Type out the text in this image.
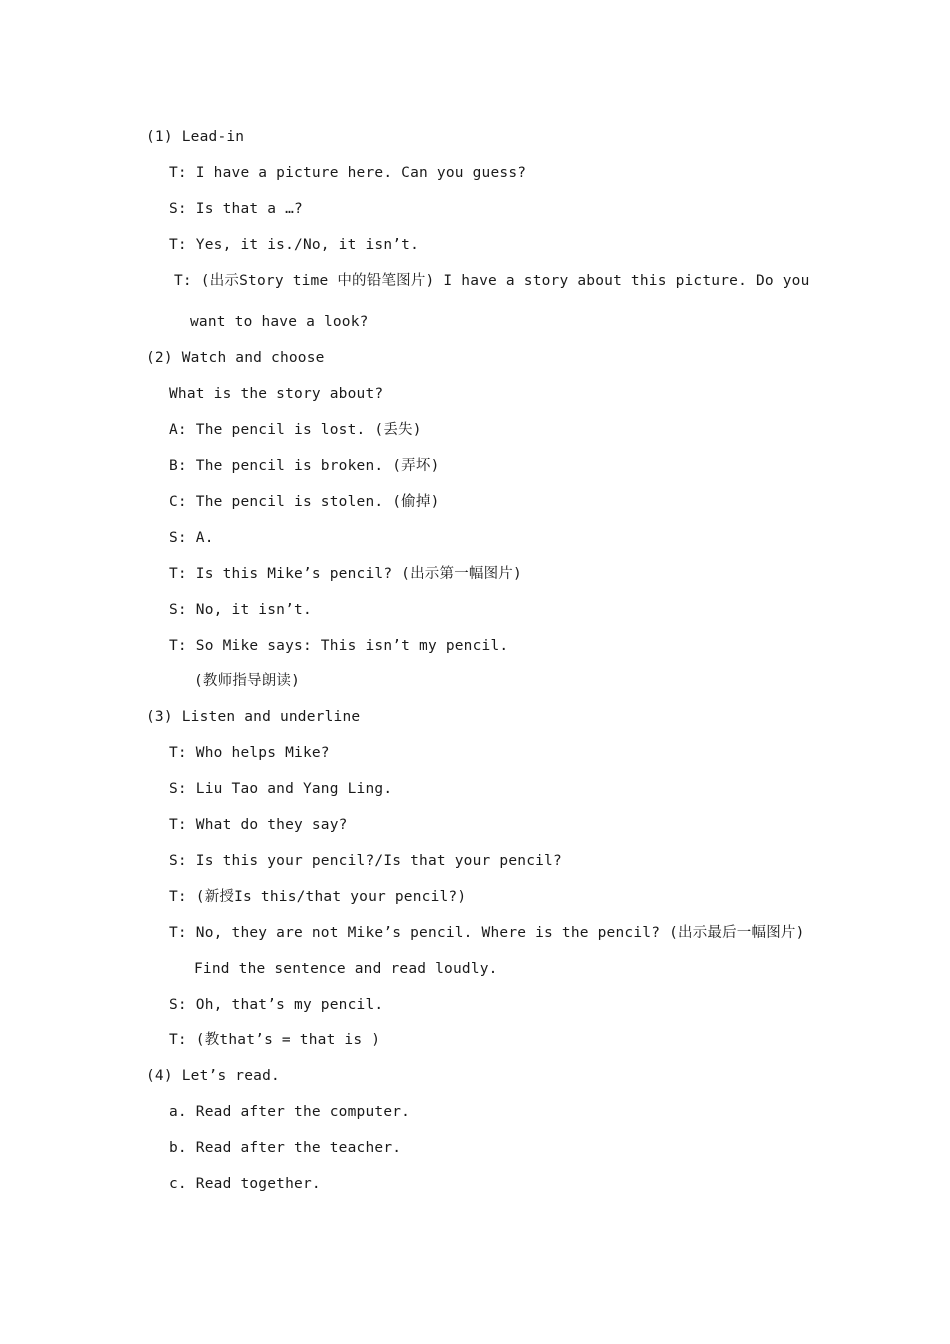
(1) Lead-in
T: I have a picture here. Can you guess?
S: Is that a …?
T: Yes, it is./No, it isn’t.
T: (出示Story time 中的铅笔图片) I have a story about this picture. Do you
want to have a look?
(2) Watch and choose
What is the story about?
A: The pencil is lost. (丢失)
B: The pencil is broken. (弄坏)
C: The pencil is stolen. (偷掉)
S: A.
T: Is this Mike’s pencil? (出示第一幅图片)
S: No, it isn’t.
T: So Mike says: This isn’t my pencil.
(教师指导朗读)
(3) Listen and underline
T: Who helps Mike?
S: Liu Tao and Yang Ling.
T: What do they say?
S: Is this your pencil?/Is that your pencil?
T: (新授Is this/that your pencil?)
T: No, they are not Mike’s pencil. Where is the pencil? (出示最后一幅图片)
Find the sentence and read loudly.
S: Oh, that’s my pencil.
T: (教that’s = that is )
(4) Let’s read.
a. Read after the computer.
b. Read after the teacher.
c. Read together.
